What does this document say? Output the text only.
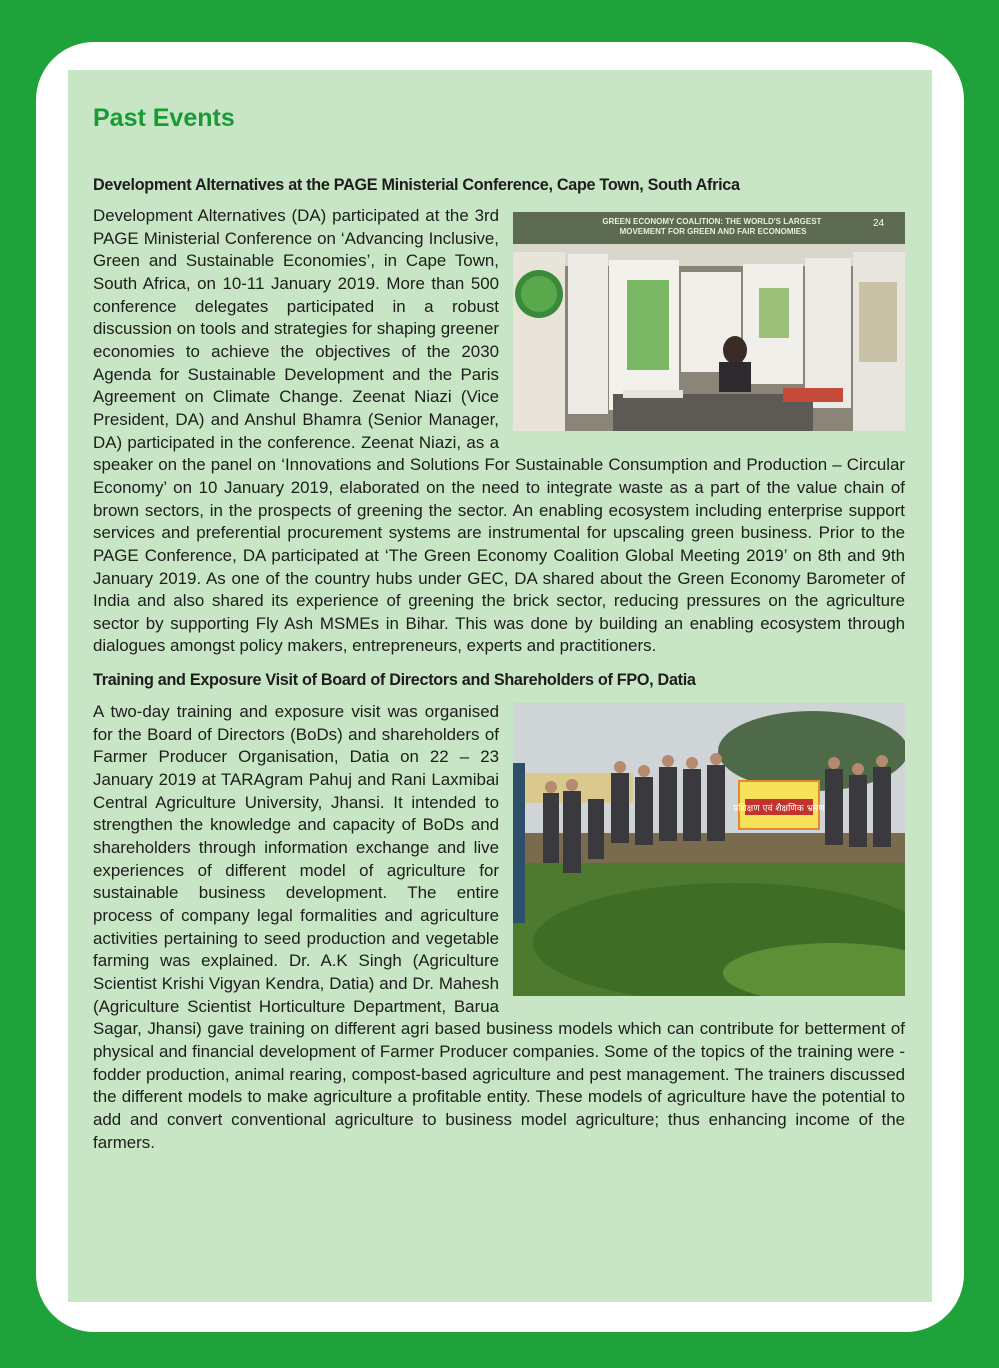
Past Events
Development Alternatives at the PAGE Ministerial Conference, Cape Town, South Africa
GREEN ECONOMY COALITION: THE WORLD'S LARGEST MOVEMENT FOR GREEN AND FAIR ECONOMIES
24
Development Alternatives (DA) participated at the 3rd PAGE Ministerial Conference on ‘Advancing Inclusive, Green and Sustainable Economies’, in Cape Town, South Africa, on 10-11 January 2019. More than 500 conference delegates participated in a robust discussion on tools and strategies for shaping greener economies to achieve the objectives of the 2030 Agenda for Sustainable Development and the Paris Agreement on Climate Change. Zeenat Niazi (Vice President, DA) and Anshul Bhamra (Senior Manager, DA) participated in the conference. Zeenat Niazi, as a speaker on the panel on ‘Innovations and Solutions For Sustainable Consumption and Production – Circular Economy’ on 10 January 2019, elaborated on the need to integrate waste as a part of the value chain of brown sectors, in the prospects of greening the sector. An enabling ecosystem including enterprise support services and preferential procurement systems are instrumental for upscaling green business. Prior to the PAGE Conference, DA participated at ‘The Green Economy Coalition Global Meeting 2019’ on 8th and 9th January 2019. As one of the country hubs under GEC, DA shared about the Green Economy Barometer of India and also shared its experience of greening the brick sector, reducing pressures on the agriculture sector by supporting Fly Ash MSMEs in Bihar. This was done by building an enabling ecosystem through dialogues amongst policy makers, entrepreneurs, experts and practitioners.
Training and Exposure Visit of Board of Directors and Shareholders of FPO, Datia
प्रशिक्षण एवं शैक्षणिक भ्रमण
A two-day training and exposure visit was organised for the Board of Directors (BoDs) and shareholders of Farmer Producer Organisation, Datia on 22 – 23 January 2019 at TARAgram Pahuj and Rani Laxmibai Central Agriculture University, Jhansi. It intended to strengthen the knowledge and capacity of BoDs and shareholders through information exchange and live experiences of different model of agriculture for sustainable business development. The entire process of company legal formalities and agriculture activities pertaining to seed production and vegetable farming was explained. Dr. A.K Singh (Agriculture Scientist Krishi Vigyan Kendra, Datia) and Dr. Mahesh (Agriculture Scientist Horticulture Department, Barua Sagar, Jhansi) gave training on different agri based business models which can contribute for betterment of physical and financial development of Farmer Producer companies. Some of the topics of the training were - fodder production, animal rearing, compost-based agriculture and pest management. The trainers discussed the different models to make agriculture a profitable entity. These models of agriculture have the potential to add and convert conventional agriculture to business model agriculture; thus enhancing income of the farmers.
